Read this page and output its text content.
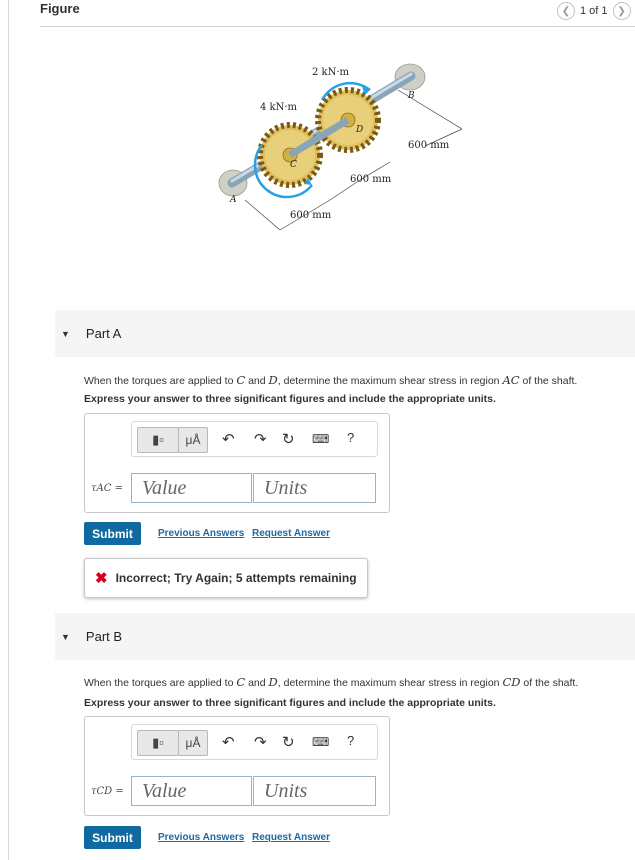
Figure	❮ 1 of 1 ❯
2 kN·m
4 kN·m
600 mm
600 mm
600 mm
A
B
C
D
▼ Part A
When the torques are applied to C and D, determine the maximum shear stress in region AC of the shaft.
Express your answer to three significant figures and include the appropriate units.
▮▫ μÅ ↶ ↷ ↻ ⌨ ?
τAC = Value	Units
Submit	Previous Answers Request Answer
✖ Incorrect; Try Again; 5 attempts remaining
▼ Part B
When the torques are applied to C and D, determine the maximum shear stress in region CD of the shaft.
Express your answer to three significant figures and include the appropriate units.
▮▫ μÅ ↶ ↷ ↻ ⌨ ?
τCD = Value	Units
Submit	Previous Answers Request Answer
